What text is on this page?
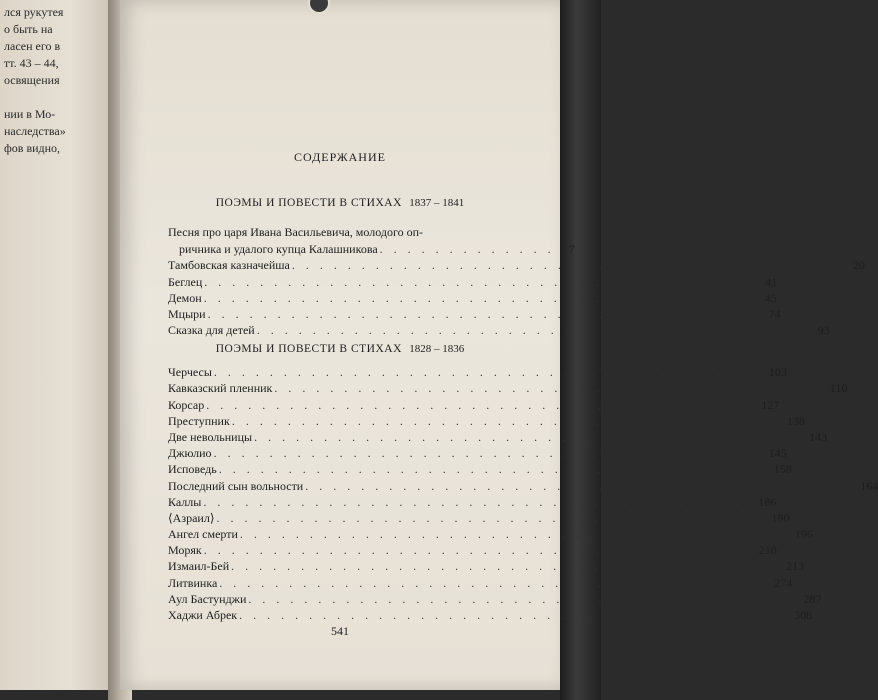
лся рукутея
о быть на
ласен его в
тт. 43 – 44,
освящения

нии в Мо-
наследства»
фов видно,
СОДЕРЖАНИЕ
ПОЭМЫ И ПОВЕСТИ В СТИХАХ 1837 – 1841
Песня про царя Ивана Васильевича, молодого оп-
ричника и удалого купца Калашникова . . . . . . . . . . . . .	7
Тамбовская казначейша . . . . . . . . . . . . . . . . . . . . . . . . . . . . . . . . . . . . . . . . 20
Беглец . . . . . . . . . . . . . . . . . . . . . . . . . . . . . . . . . . . . . . . . 41
Демон . . . . . . . . . . . . . . . . . . . . . . . . . . . . . . . . . . . . . . . . 45
Мцыри . . . . . . . . . . . . . . . . . . . . . . . . . . . . . . . . . . . . . . . . 74
Сказка для детей . . . . . . . . . . . . . . . . . . . . . . . . . . . . . . . . . . . . . . . . 93
ПОЭМЫ И ПОВЕСТИ В СТИХАХ 1828 – 1836
Черчесы . . . . . . . . . . . . . . . . . . . . . . . . . . . . . . . . . . . . . . . . 103
Кавказский пленник . . . . . . . . . . . . . . . . . . . . . . . . . . . . . . . . . . . . . . . . 110
Корсар . . . . . . . . . . . . . . . . . . . . . . . . . . . . . . . . . . . . . . . . 127
Преступник . . . . . . . . . . . . . . . . . . . . . . . . . . . . . . . . . . . . . . . . 138
Две невольницы . . . . . . . . . . . . . . . . . . . . . . . . . . . . . . . . . . . . . . . . 143
Джюлио . . . . . . . . . . . . . . . . . . . . . . . . . . . . . . . . . . . . . . . . 145
Исповедь . . . . . . . . . . . . . . . . . . . . . . . . . . . . . . . . . . . . . . . . 158
Последний сын вольности . . . . . . . . . . . . . . . . . . . . . . . . . . . . . . . . . . . . . . . . 164
Каллы . . . . . . . . . . . . . . . . . . . . . . . . . . . . . . . . . . . . . . . . 186
⟨Азраил⟩ . . . . . . . . . . . . . . . . . . . . . . . . . . . . . . . . . . . . . . . . 190
Ангел смерти . . . . . . . . . . . . . . . . . . . . . . . . . . . . . . . . . . . . . . . . 196
Моряк . . . . . . . . . . . . . . . . . . . . . . . . . . . . . . . . . . . . . . . . 210
Измаил-Бей . . . . . . . . . . . . . . . . . . . . . . . . . . . . . . . . . . . . . . . . 213
Литвинка . . . . . . . . . . . . . . . . . . . . . . . . . . . . . . . . . . . . . . . . 274
Аул Бастунджи . . . . . . . . . . . . . . . . . . . . . . . . . . . . . . . . . . . . . . . . 287
Хаджи Абрек . . . . . . . . . . . . . . . . . . . . . . . . . . . . . . . . . . . . . . . . 308
541
